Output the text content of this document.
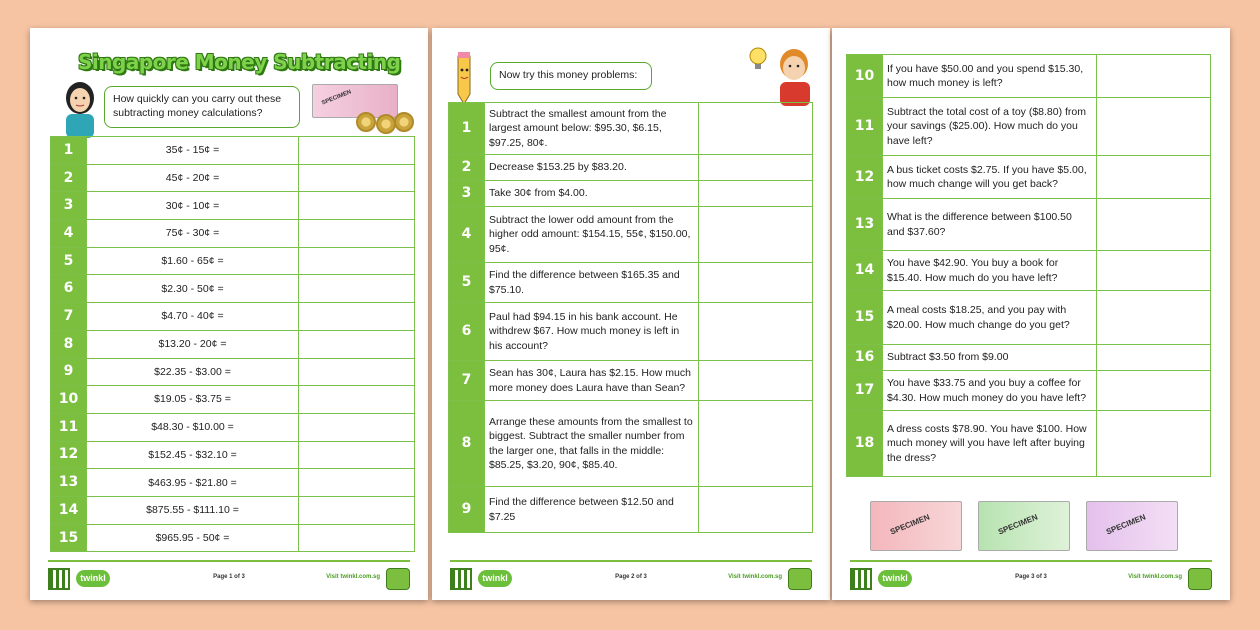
Singapore Money Subtracting
How quickly can you carry out these subtracting money calculations?
SPECIMEN
1	35¢ - 15¢ =	
2	45¢ - 20¢ =	
3	30¢ - 10¢ =	
4	75¢ - 30¢ =	
5	$1.60 - 65¢ =	
6	$2.30 - 50¢ =	
7	$4.70 - 40¢ =	
8	$13.20 - 20¢ =	
9	$22.35 - $3.00 =	
10	$19.05 - $3.75 =	
11	$48.30 - $10.00 =	
12	$152.45 - $32.10 =	
13	$463.95 - $21.80 =	
14	$875.55 - $111.10 =	
15	$965.95 - 50¢ =	
twinkl	Page 1 of 3	Visit twinkl.com.sg
Now try this money problems:
1	Subtract the smallest amount from the largest amount below: $95.30, $6.15, $97.25, 80¢.	
2	Decrease $153.25 by $83.20.	
3	Take 30¢ from $4.00.	
4	Subtract the lower odd amount from the higher odd amount: $154.15, 55¢, $150.00, 95¢.	
5	Find the difference between $165.35 and $75.10.	
6	Paul had $94.15 in his bank account. He withdrew $67. How much money is left in his account?	
7	Sean has 30¢, Laura has $2.15. How much more money does Laura have than Sean?	
8	Arrange these amounts from the smallest to biggest. Subtract the smaller number from the larger one, that falls in the middle: $85.25, $3.20, 90¢, $85.40.	
9	Find the difference between $12.50 and $7.25	
twinkl	Page 2 of 3	Visit twinkl.com.sg
10	If you have $50.00 and you spend $15.30, how much money is left?	
11	Subtract the total cost of a toy ($8.80) from your savings ($25.00). How much do you have left?	
12	A bus ticket costs $2.75. If you have $5.00, how much change will you get back?	
13	What is the difference between $100.50 and $37.60?	
14	You have $42.90. You buy a book for $15.40. How much do you have left?	
15	A meal costs $18.25, and you pay with $20.00. How much change do you get?	
16	Subtract $3.50 from $9.00	
17	You have $33.75 and you buy a coffee for $4.30. How much money do you have left?	
18	A dress costs $78.90. You have $100. How much money will you have left after buying the dress?	
SPECIMEN	SPECIMEN	SPECIMEN
twinkl	Page 3 of 3	Visit twinkl.com.sg
